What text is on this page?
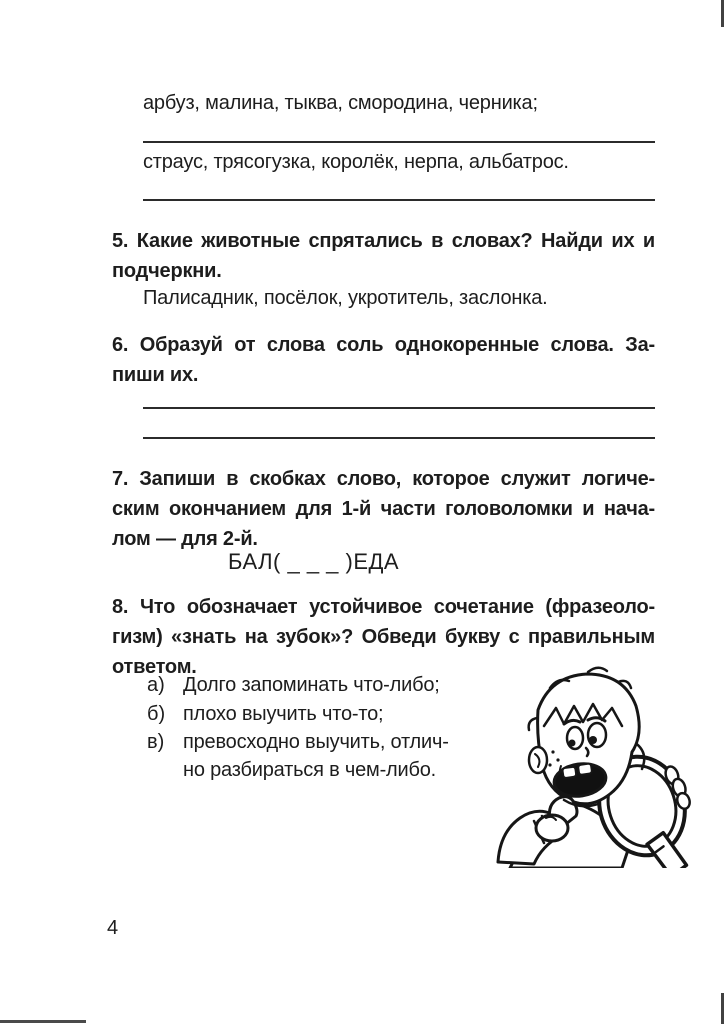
арбуз, малина, тыква, смородина, черника;
страус, трясогузка, королёк, нерпа, альбатрос.
5. Какие животные спрятались в словах? Найди их и
подчеркни.
Палисадник, посёлок, укротитель, заслонка.
6. Образуй от слова соль однокоренные слова. За-
пиши их.
7. Запиши в скобках слово, которое служит логиче-
ским окончанием для 1-й части головоломки и нача-
лом — для 2-й.
БАЛ( _ _ _ )ЕДА
8. Что обозначает устойчивое сочетание (фразеоло-
гизм) «знать на зубок»? Обведи букву с правильным
ответом.
а) Долго запоминать что-либо;
б) плохо выучить что-то;
в) превосходно выучить, отлич-
но разбираться в чем-либо.
4
